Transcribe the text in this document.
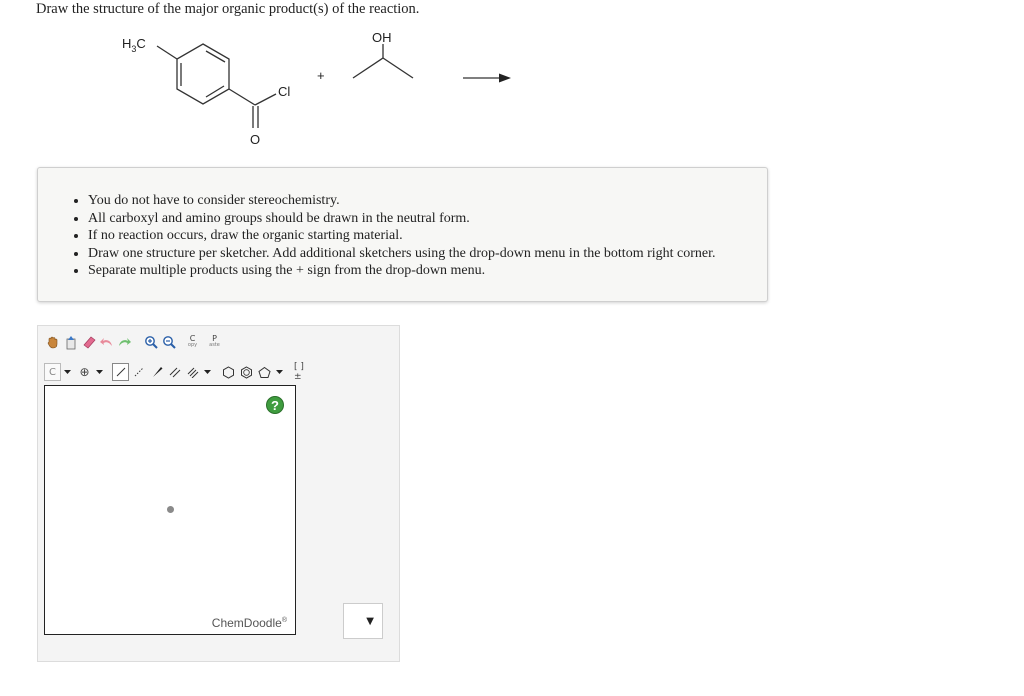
Draw the structure of the major organic product(s) of the reaction.
$H_3C$
Cl
O
+
OH
• You do not have to consider stereochemistry.
• All carboxyl and amino groups should be drawn in the neutral form.
• If no reaction occurs, draw the organic starting material.
• Draw one structure per sketcher. Add additional sketchers using the drop-down menu in the bottom right corner.
• Separate multiple products using the + sign from the drop-down menu.
C
opy
P
aste
C	⊕	[ ]±
?
ChemDoodle®	▼
